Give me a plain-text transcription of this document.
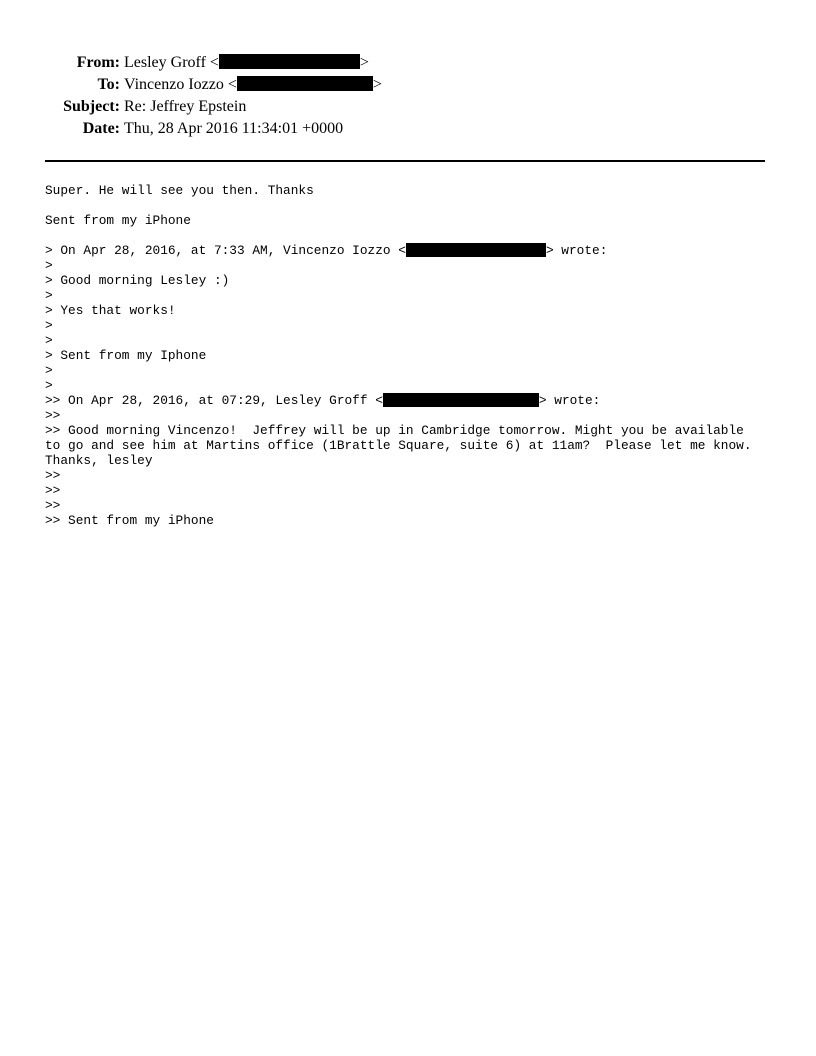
From: Lesley Groff <	>
To: Vincenzo Iozzo <	>
Subject: Re: Jeffrey Epstein
Date: Thu, 28 Apr 2016 11:34:01 +0000
Super. He will see you then. Thanks
Sent from my iPhone
> On Apr 28, 2016, at 7:33 AM, Vincenzo Iozzo <	> wrote:
>
> Good morning Lesley :)
>
> Yes that works!
>
>
> Sent from my Iphone
>
>
>> On Apr 28, 2016, at 07:29, Lesley Groff <	> wrote:
>>
>> Good morning Vincenzo!  Jeffrey will be up in Cambridge tomorrow. Might you be available
to go and see him at Martins office (1Brattle Square, suite 6) at 11am?  Please let me know.
Thanks, lesley
>>
>>
>>
>> Sent from my iPhone
